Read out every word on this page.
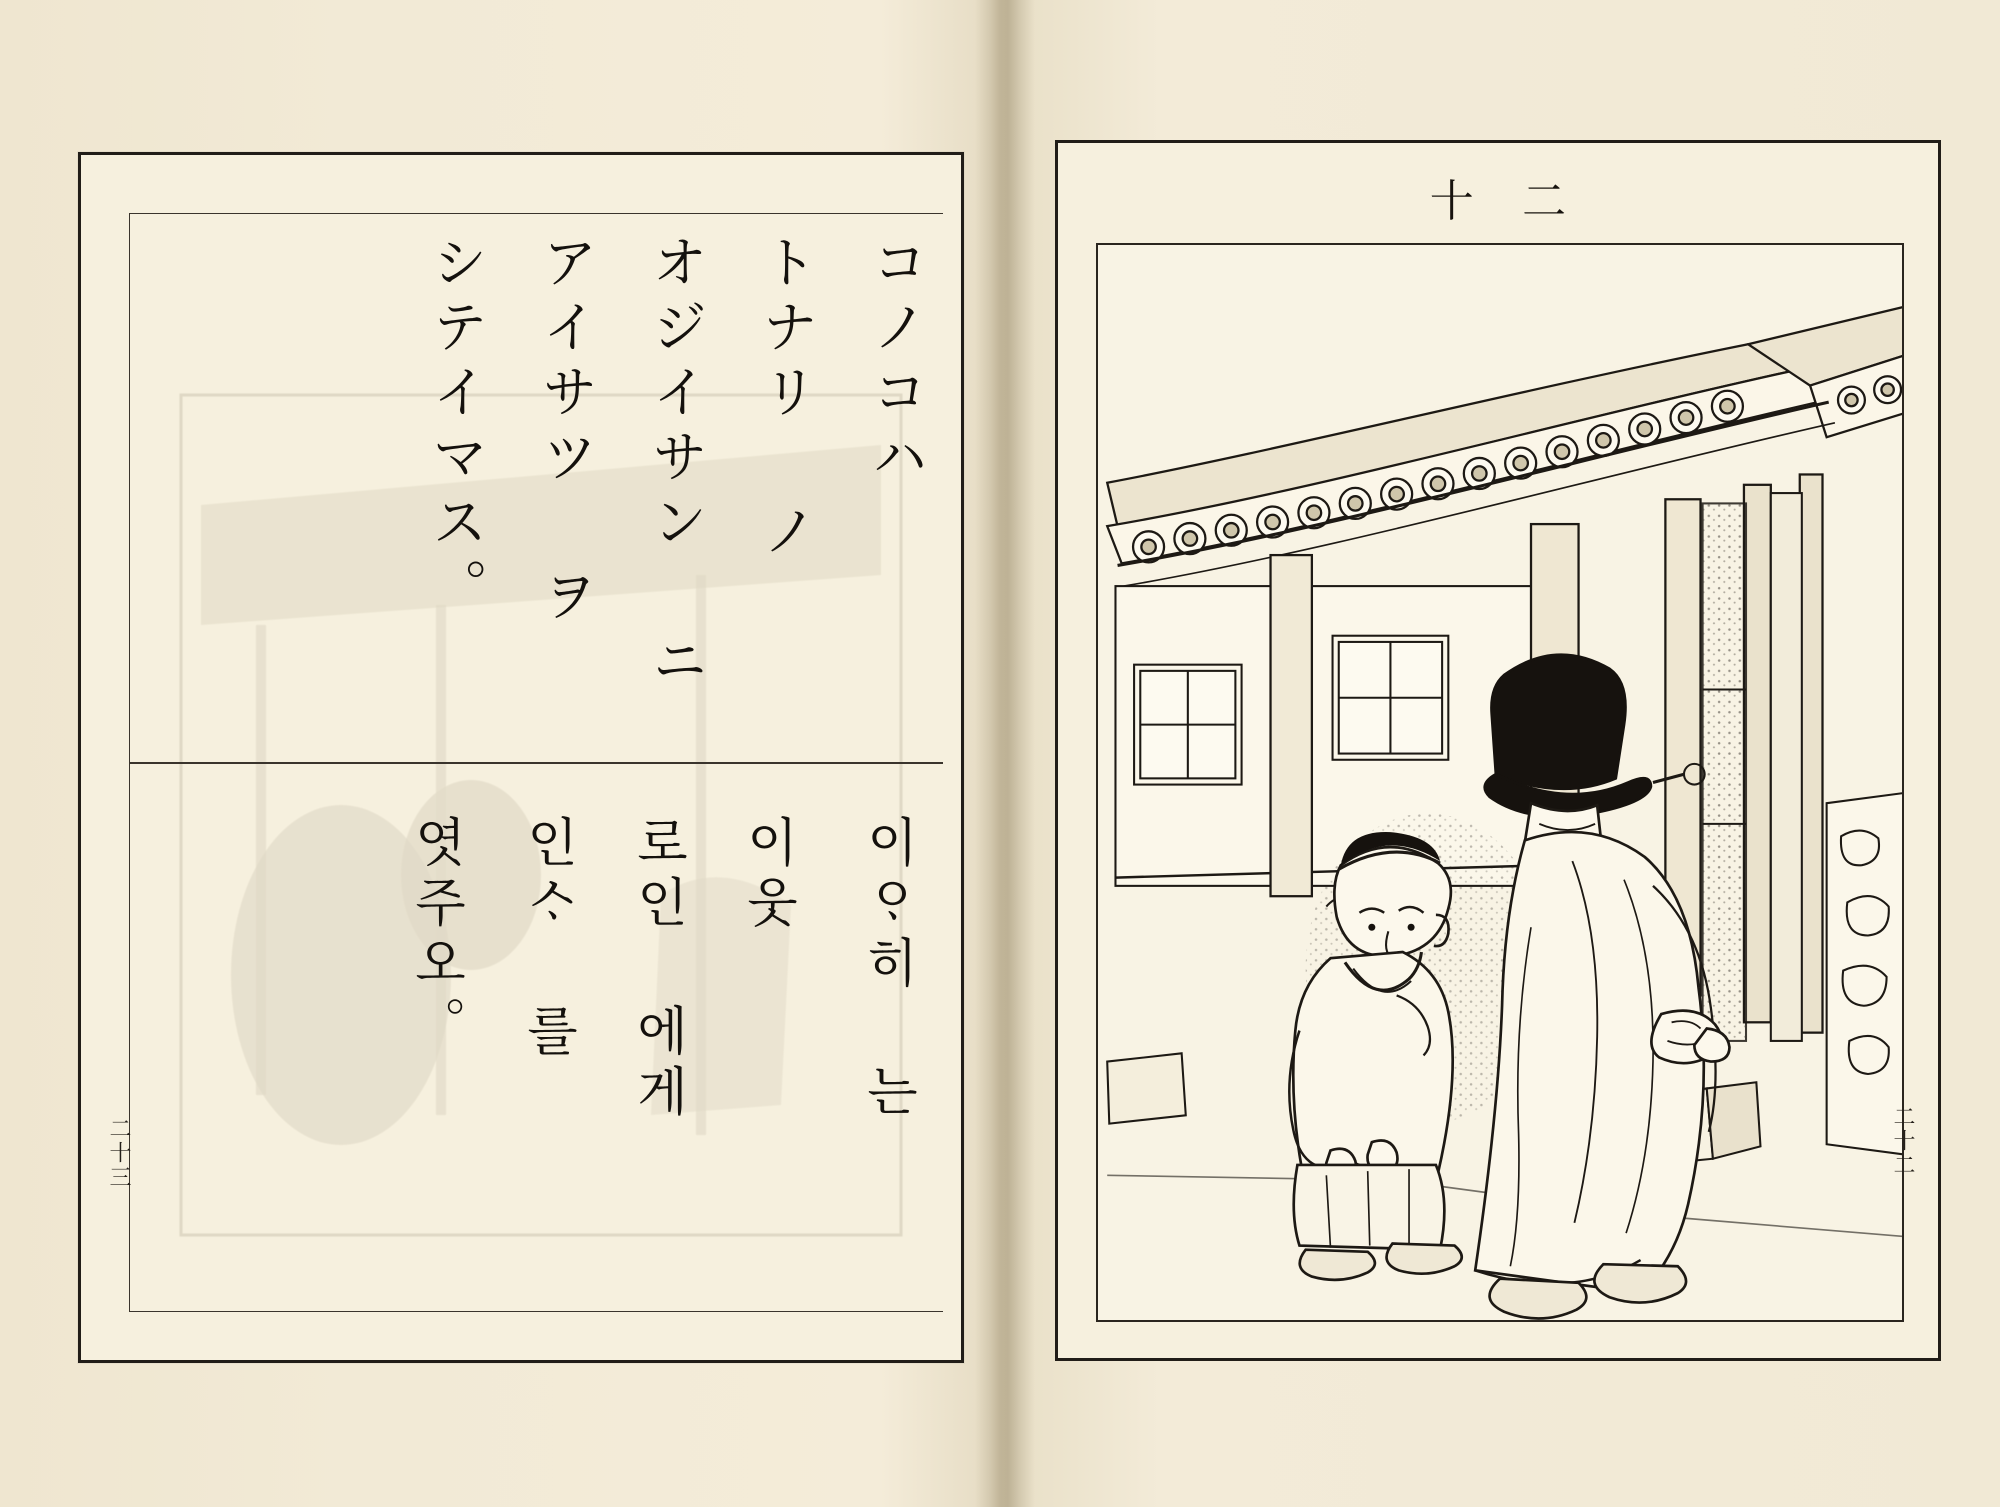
コノコハ
トナリ ノ
オジイサン ニ
アイサツ ヲ
シテイマス。
이ᄋᆞ히 는
이웃
로인 에게
인ᄉᆞ 를
엿주오。
二十三
十二
二十二
